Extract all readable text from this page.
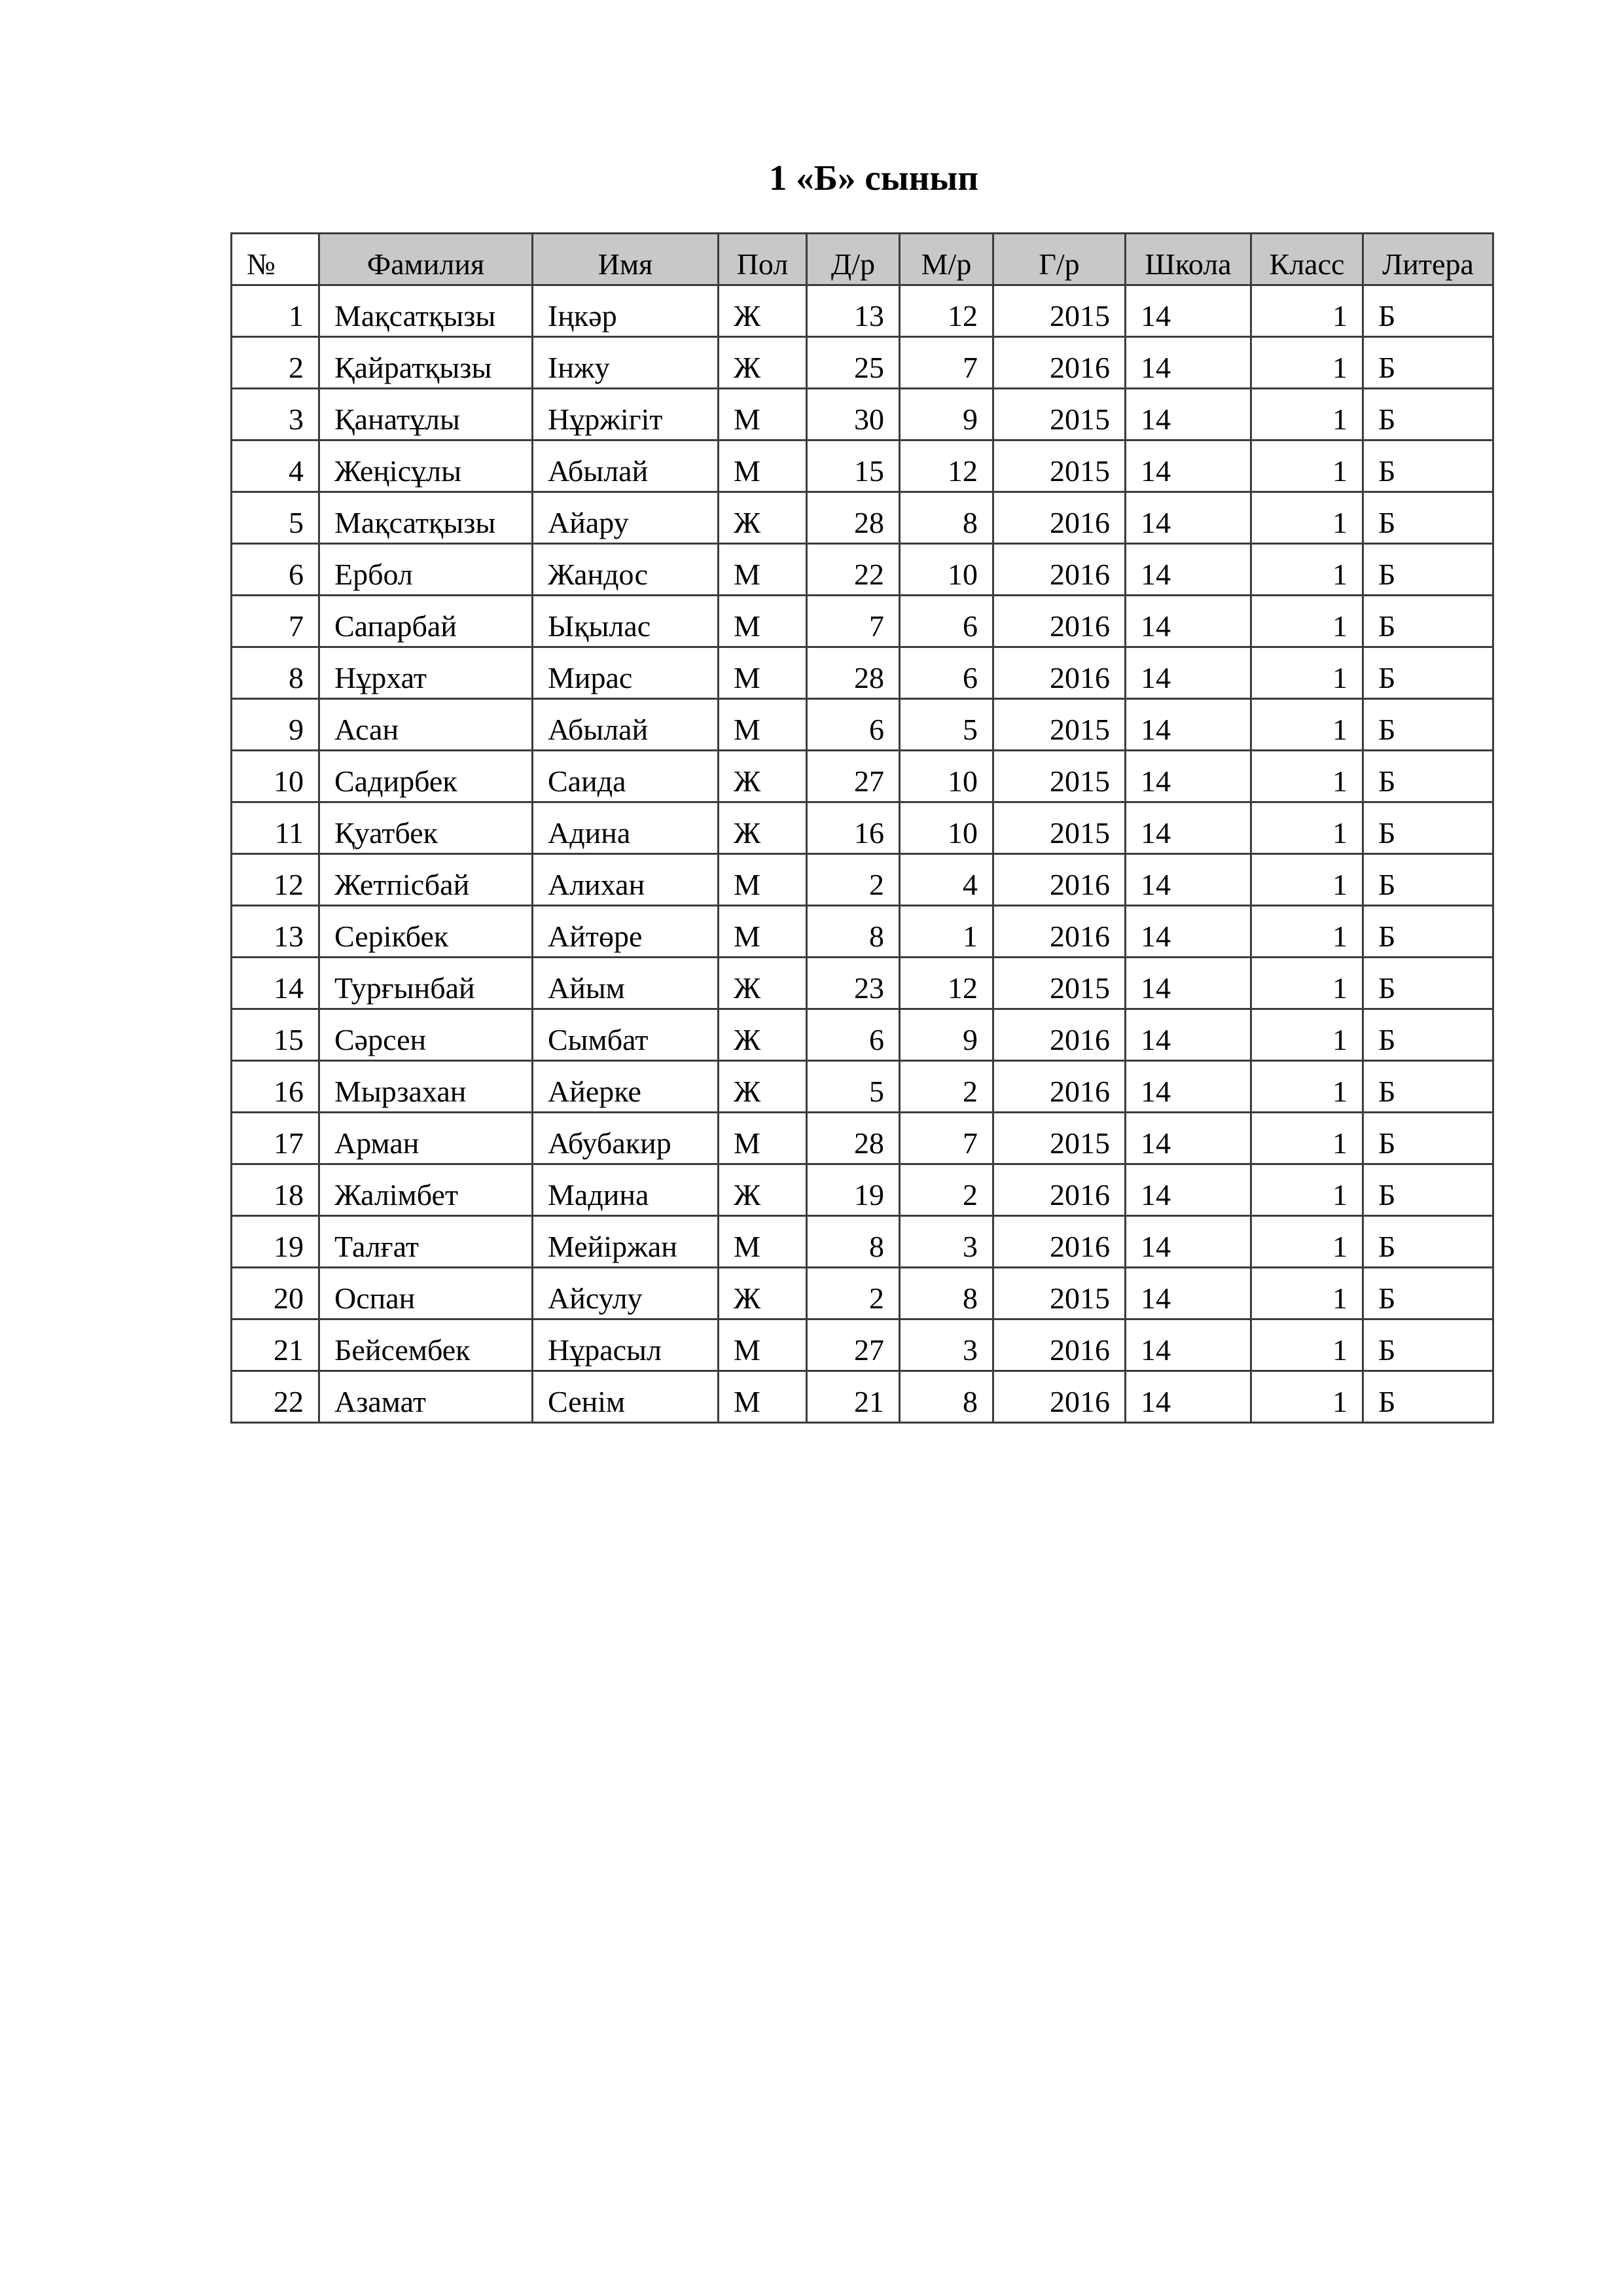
1 «Б» сынып
№	Фамилия	Имя	Пол	Д/р	М/р	Г/р	Школа	Класс	Литера
1	Мақсатқызы	Іңкәр	Ж	13	12	2015	14	1	Б
2	Қайратқызы	Інжу	Ж	25	7	2016	14	1	Б
3	Қанатұлы	Нұржігіт	М	30	9	2015	14	1	Б
4	Жеңісұлы	Абылай	М	15	12	2015	14	1	Б
5	Мақсатқызы	Айару	Ж	28	8	2016	14	1	Б
6	Ербол	Жандос	М	22	10	2016	14	1	Б
7	Сапарбай	Ықылас	М	7	6	2016	14	1	Б
8	Нұрхат	Мирас	М	28	6	2016	14	1	Б
9	Асан	Абылай	М	6	5	2015	14	1	Б
10	Садирбек	Саида	Ж	27	10	2015	14	1	Б
11	Қуатбек	Адина	Ж	16	10	2015	14	1	Б
12	Жетпісбай	Алихан	М	2	4	2016	14	1	Б
13	Серікбек	Айтөре	М	8	1	2016	14	1	Б
14	Турғынбай	Айым	Ж	23	12	2015	14	1	Б
15	Сәрсен	Сымбат	Ж	6	9	2016	14	1	Б
16	Мырзахан	Айерке	Ж	5	2	2016	14	1	Б
17	Арман	Абубакир	М	28	7	2015	14	1	Б
18	Жалімбет	Мадина	Ж	19	2	2016	14	1	Б
19	Талғат	Мейіржан	М	8	3	2016	14	1	Б
20	Оспан	Айсулу	Ж	2	8	2015	14	1	Б
21	Бейсембек	Нұрасыл	М	27	3	2016	14	1	Б
22	Азамат	Сенім	М	21	8	2016	14	1	Б
